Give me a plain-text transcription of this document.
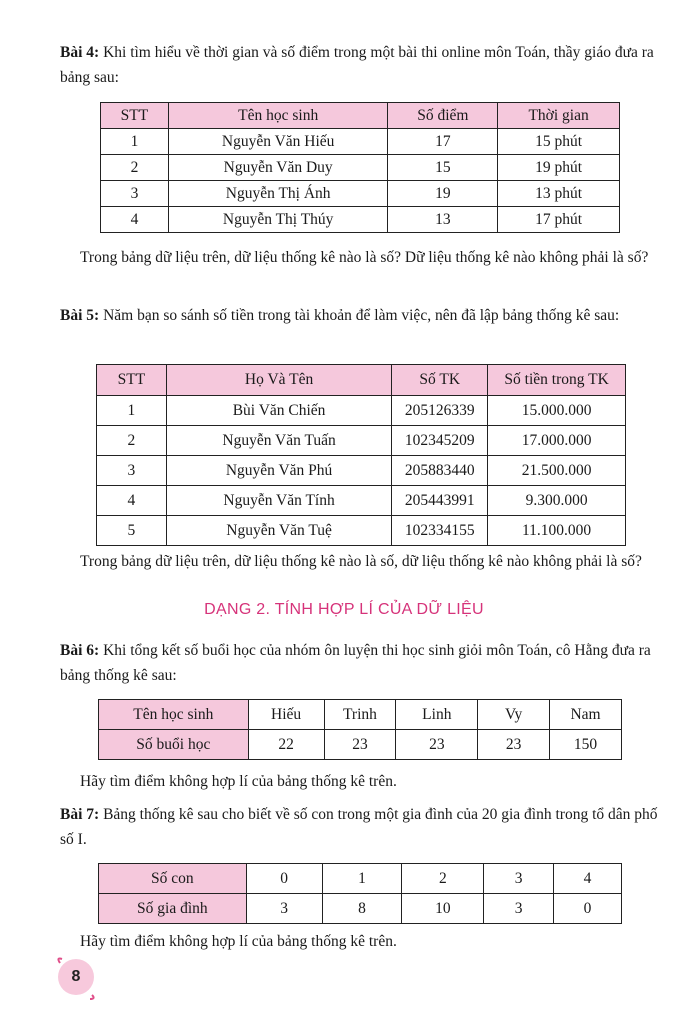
Bài 4: Khi tìm hiểu về thời gian và số điểm trong một bài thi online môn Toán, thầy giáo đưa ra bảng sau:

STT	Tên học sinh	Số điểm	Thời gian
1	Nguyễn Văn Hiếu	17	15 phút
2	Nguyễn Văn Duy	15	19 phút
3	Nguyễn Thị Ánh	19	13 phút
4	Nguyễn Thị Thúy	13	17 phút

Trong bảng dữ liệu trên, dữ liệu thống kê nào là số? Dữ liệu thống kê nào không phải là số?

Bài 5: Năm bạn so sánh số tiền trong tài khoản để làm việc, nên đã lập bảng thống kê sau:

STT	Họ Và Tên	Số TK	Số tiền trong TK
1	Bùi Văn Chiến	205126339	15.000.000
2	Nguyễn Văn Tuấn	102345209	17.000.000
3	Nguyễn Văn Phú	205883440	21.500.000
4	Nguyễn Văn Tính	205443991	9.300.000
5	Nguyễn Văn Tuệ	102334155	11.100.000

Trong bảng dữ liệu trên, dữ liệu thống kê nào là số, dữ liệu thống kê nào không phải là số?

DẠNG 2. TÍNH HỢP LÍ CỦA DỮ LIỆU

Bài 6: Khi tổng kết số buổi học của nhóm ôn luyện thi học sinh giỏi môn Toán, cô Hằng đưa ra bảng thống kê sau:

Tên học sinh	Hiếu	Trinh	Linh	Vy	Nam
Số buổi học	22	23	23	23	150

Hãy tìm điểm không hợp lí của bảng thống kê trên.

Bài 7: Bảng thống kê sau cho biết về số con trong một gia đình của 20 gia đình trong tổ dân phố số I.

Số con	0	1	2	3	4
Số gia đình	3	8	10	3	0

Hãy tìm điểm không hợp lí của bảng thống kê trên.

8
